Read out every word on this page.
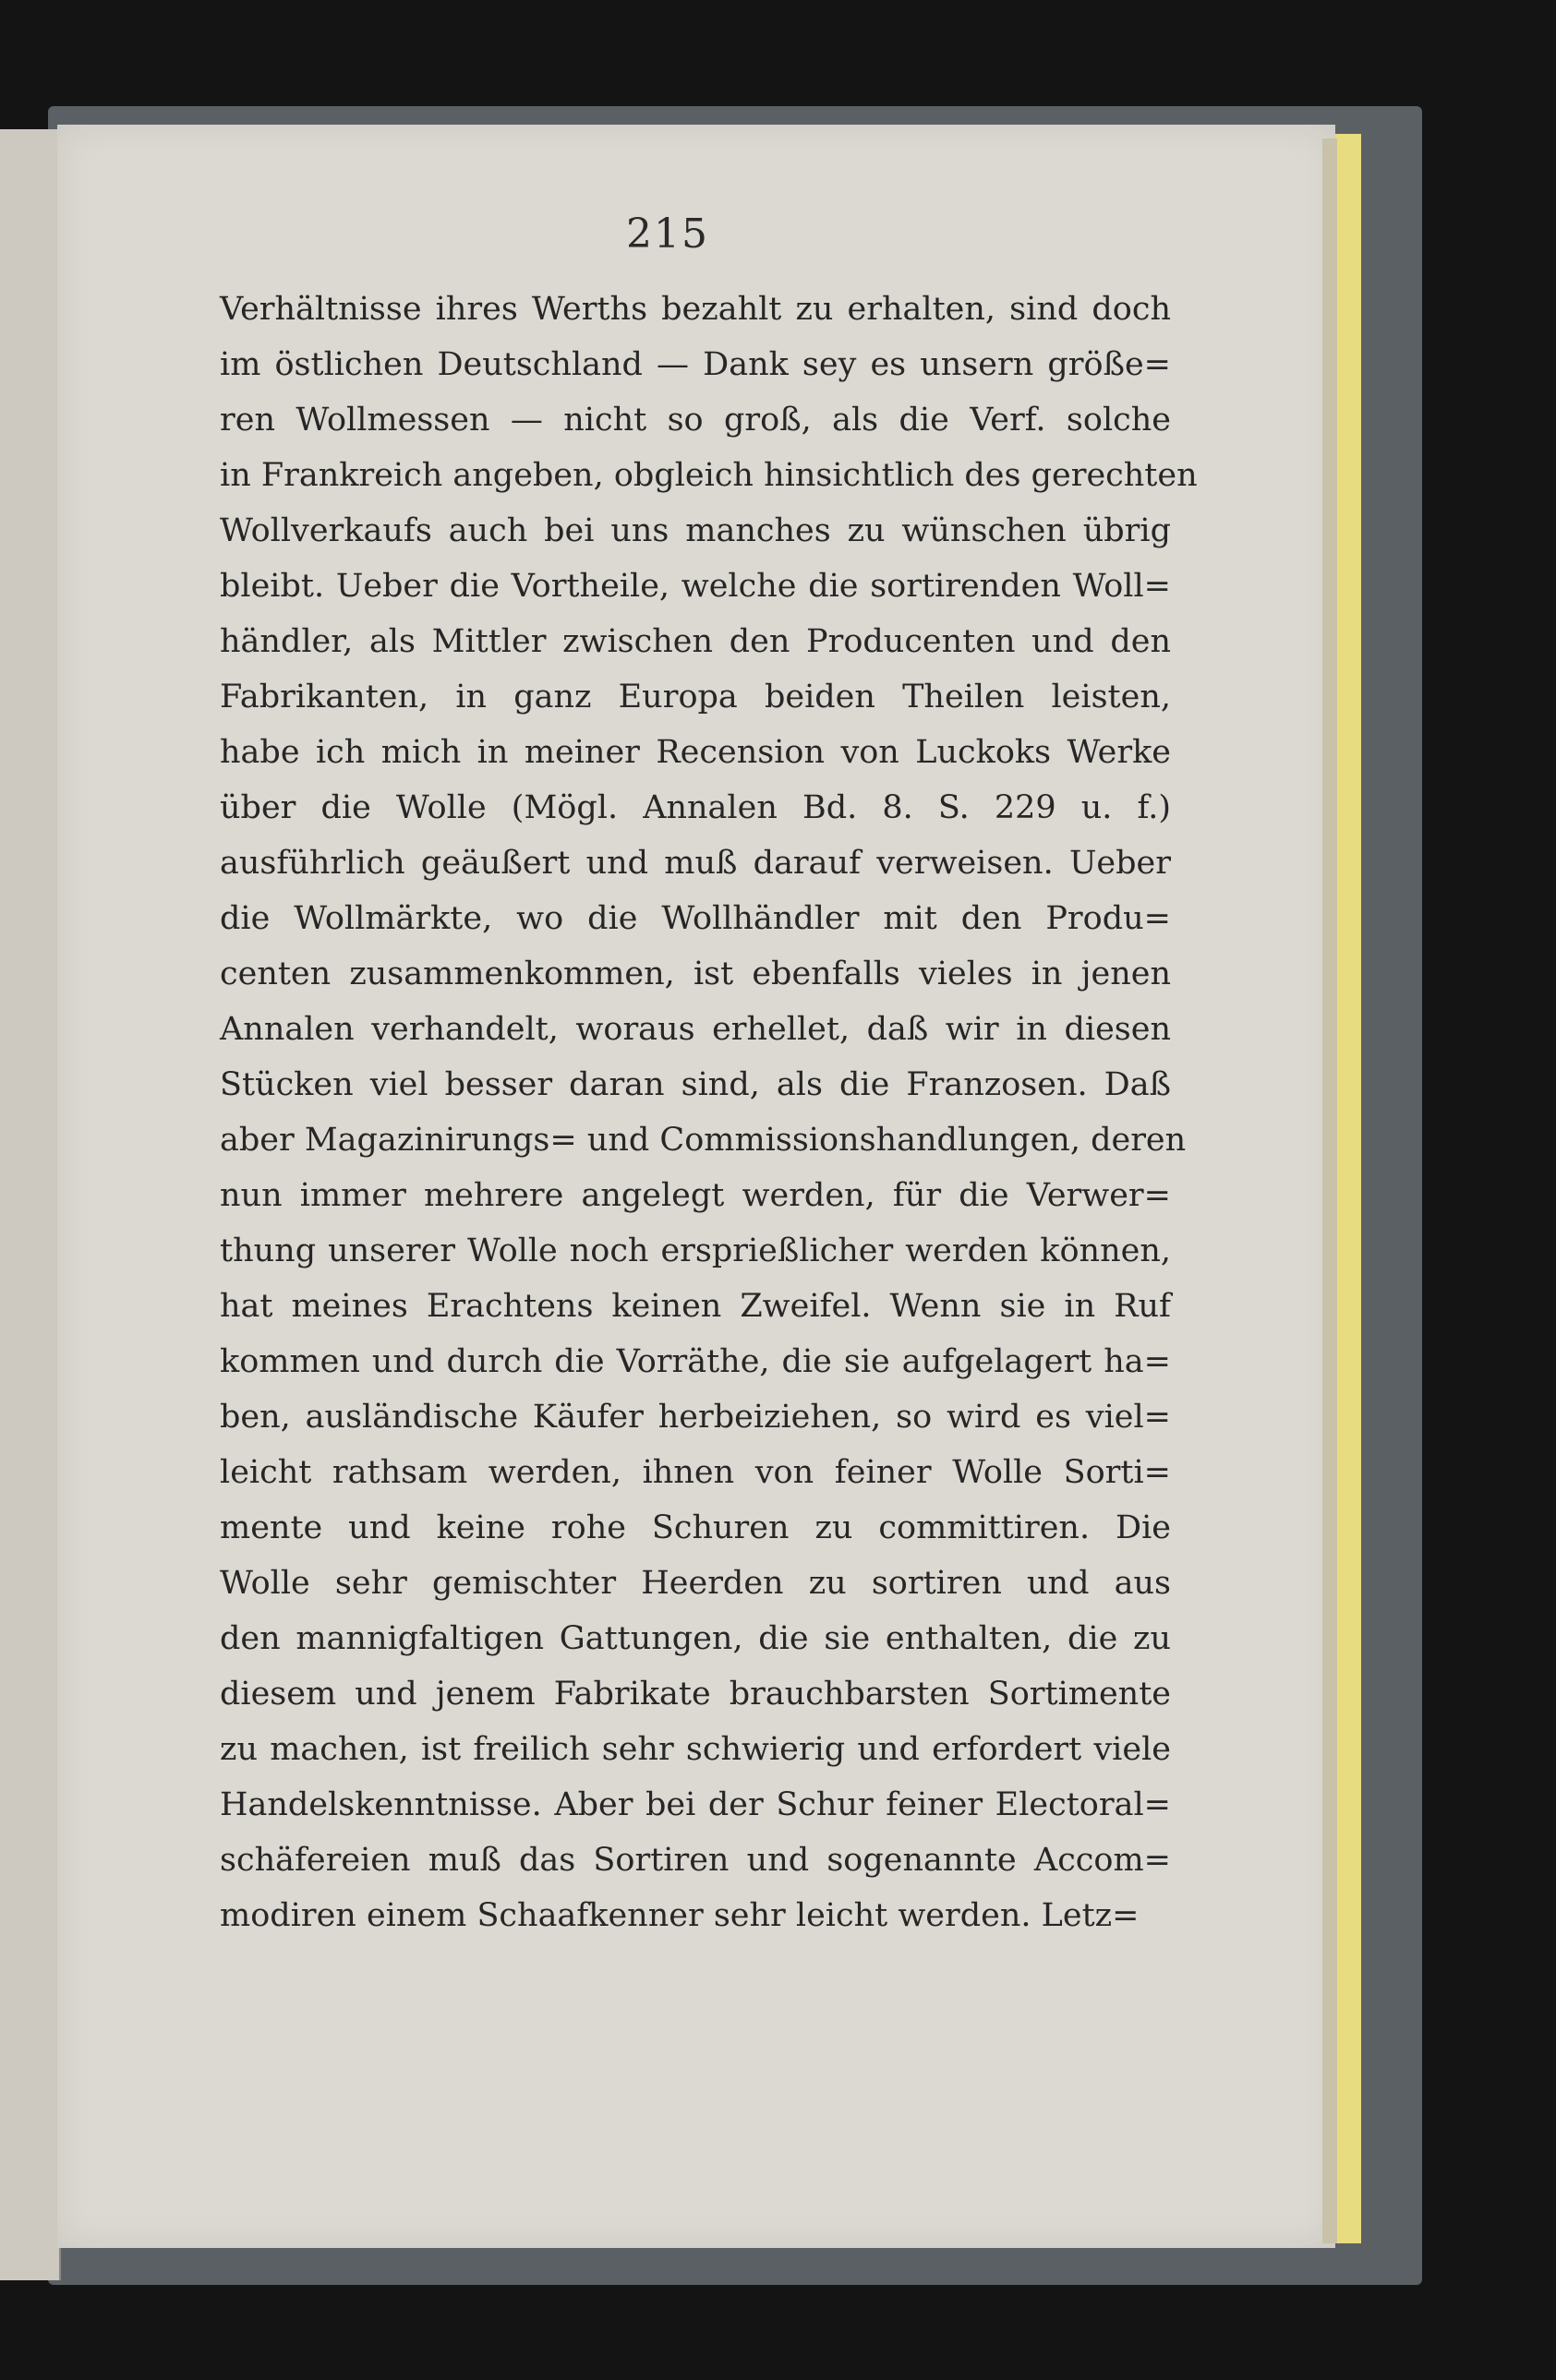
215
Verhältnisse ihres Werths bezahlt zu erhalten, sind doch
im östlichen Deutschland — Dank sey es unsern größe=
ren Wollmessen — nicht so groß, als die Verf. solche
in Frankreich angeben, obgleich hinsichtlich des gerechten
Wollverkaufs auch bei uns manches zu wünschen übrig
bleibt. Ueber die Vortheile, welche die sortirenden Woll=
händler, als Mittler zwischen den Producenten und den
Fabrikanten, in ganz Europa beiden Theilen leisten,
habe ich mich in meiner Recension von Luckoks Werke
über die Wolle (Mögl. Annalen Bd. 8. S. 229 u. f.)
ausführlich geäußert und muß darauf verweisen. Ueber
die Wollmärkte, wo die Wollhändler mit den Produ=
centen zusammenkommen, ist ebenfalls vieles in jenen
Annalen verhandelt, woraus erhellet, daß wir in diesen
Stücken viel besser daran sind, als die Franzosen. Daß
aber Magazinirungs= und Commissionshandlungen, deren
nun immer mehrere angelegt werden, für die Verwer=
thung unserer Wolle noch ersprießlicher werden können,
hat meines Erachtens keinen Zweifel. Wenn sie in Ruf
kommen und durch die Vorräthe, die sie aufgelagert ha=
ben, ausländische Käufer herbeiziehen, so wird es viel=
leicht rathsam werden, ihnen von feiner Wolle Sorti=
mente und keine rohe Schuren zu committiren. Die
Wolle sehr gemischter Heerden zu sortiren und aus
den mannigfaltigen Gattungen, die sie enthalten, die zu
diesem und jenem Fabrikate brauchbarsten Sortimente
zu machen, ist freilich sehr schwierig und erfordert viele
Handelskenntnisse. Aber bei der Schur feiner Electoral=
schäfereien muß das Sortiren und sogenannte Accom=
modiren einem Schaafkenner sehr leicht werden. Letz=
